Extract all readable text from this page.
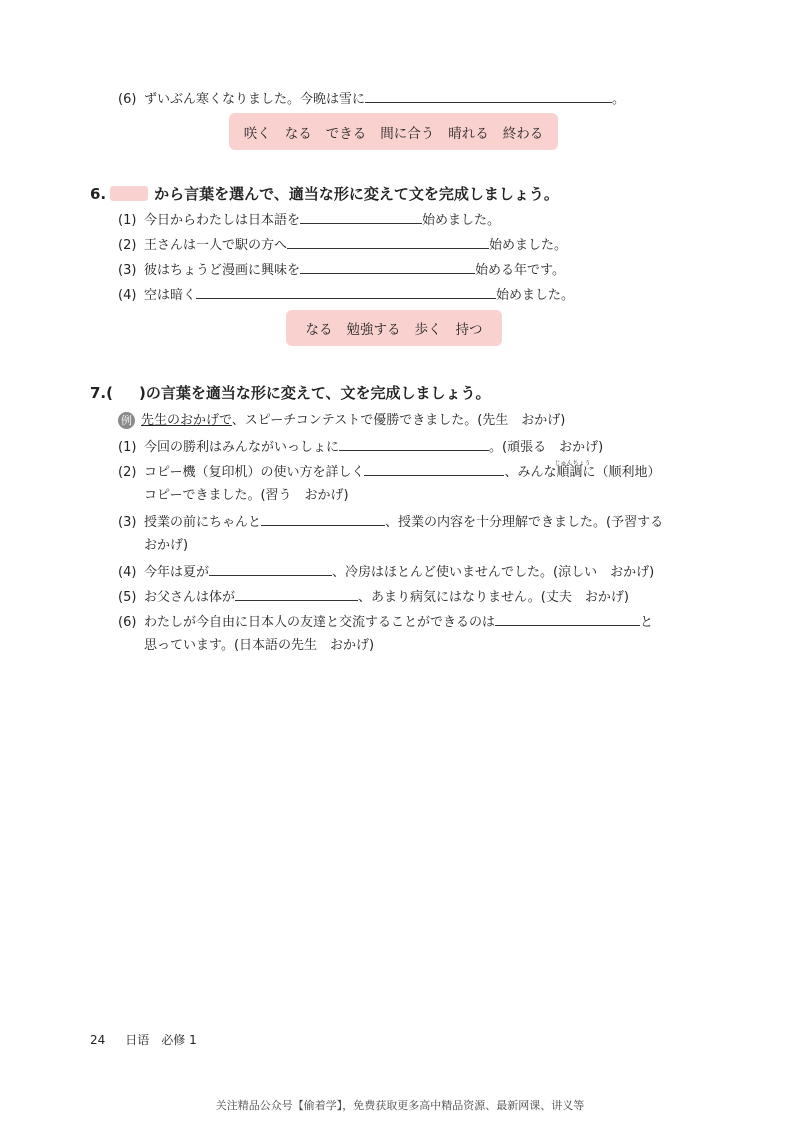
(6) ずいぶん寒くなりました。今晩は雪に	。
咲く なる できる 間に合う 晴れる 終わる
6.	から言葉を選んで、適当な形に変えて文を完成しましょう。
(1) 今日からわたしは日本語を	始めました。
(2) 王さんは一人で駅の方へ	始めました。
(3) 彼はちょうど漫画に興味を	始める年です。
(4) 空は暗く	始めました。
なる 勉強する 歩く 持つ
7.( )の言葉を適当な形に変えて、文を完成しましょう。
例 先生のおかげで、スピーチコンテストで優勝できました。(先生　おかげ)
(1) 今回の勝利はみんながいっしょに	。(頑張る　おかげ)
(2) コピー機（复印机）の使い方を詳しく	、みんな
じゅんちょう
順調に（顺利地）
コピーできました。(習う　おかげ)
(3) 授業の前にちゃんと	、授業の内容を十分理解できました。(予習する
おかげ)
(4) 今年は夏が	、冷房はほとんど使いませんでした。(涼しい　おかげ)
(5) お父さんは体が	、あまり病気にはなりません。(丈夫　おかげ)
(6) わたしが今自由に日本人の友達と交流することができるのは	と
思っています。(日本語の先生　おかげ)
24 日语　必修 1
关注精品公众号【偷着学】，免费获取更多高中精品资源、最新网课、讲义等
